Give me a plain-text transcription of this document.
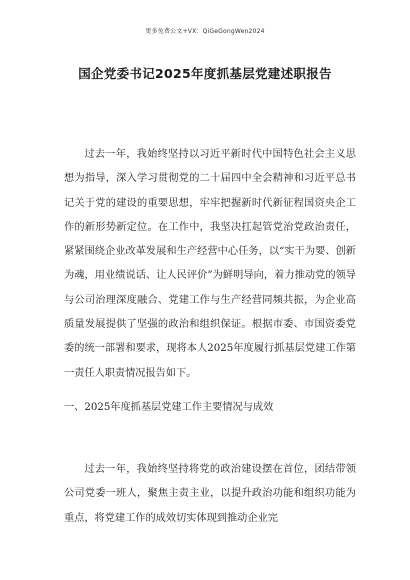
更多免费公文+VX：QiGeGongWen2024
国企党委书记2025年度抓基层党建述职报告

过去一年，我始终坚持以习近平新时代中国特色社会主义思想为指导，深入学习贯彻党的二十届四中全会精神和习近平总书记关于党的建设的重要思想，牢牢把握新时代新征程国资央企工作的新形势新定位。在工作中，我坚决扛起管党治党政治责任，紧紧围绕企业改革发展和生产经营中心任务，以“实干为要、创新为魂，用业绩说话、让人民评价”为鲜明导向，着力推动党的领导与公司治理深度融合、党建工作与生产经营同频共振，为企业高质量发展提供了坚强的政治和组织保证。根据市委、市国资委党委的统一部署和要求，现将本人2025年度履行抓基层党建工作第一责任人职责情况报告如下。

一、2025年度抓基层党建工作主要情况与成效

过去一年，我始终坚持将党的政治建设摆在首位，团结带领公司党委一班人，聚焦主责主业，以提升政治功能和组织功能为重点，将党建工作的成效切实体现到推动企业完
